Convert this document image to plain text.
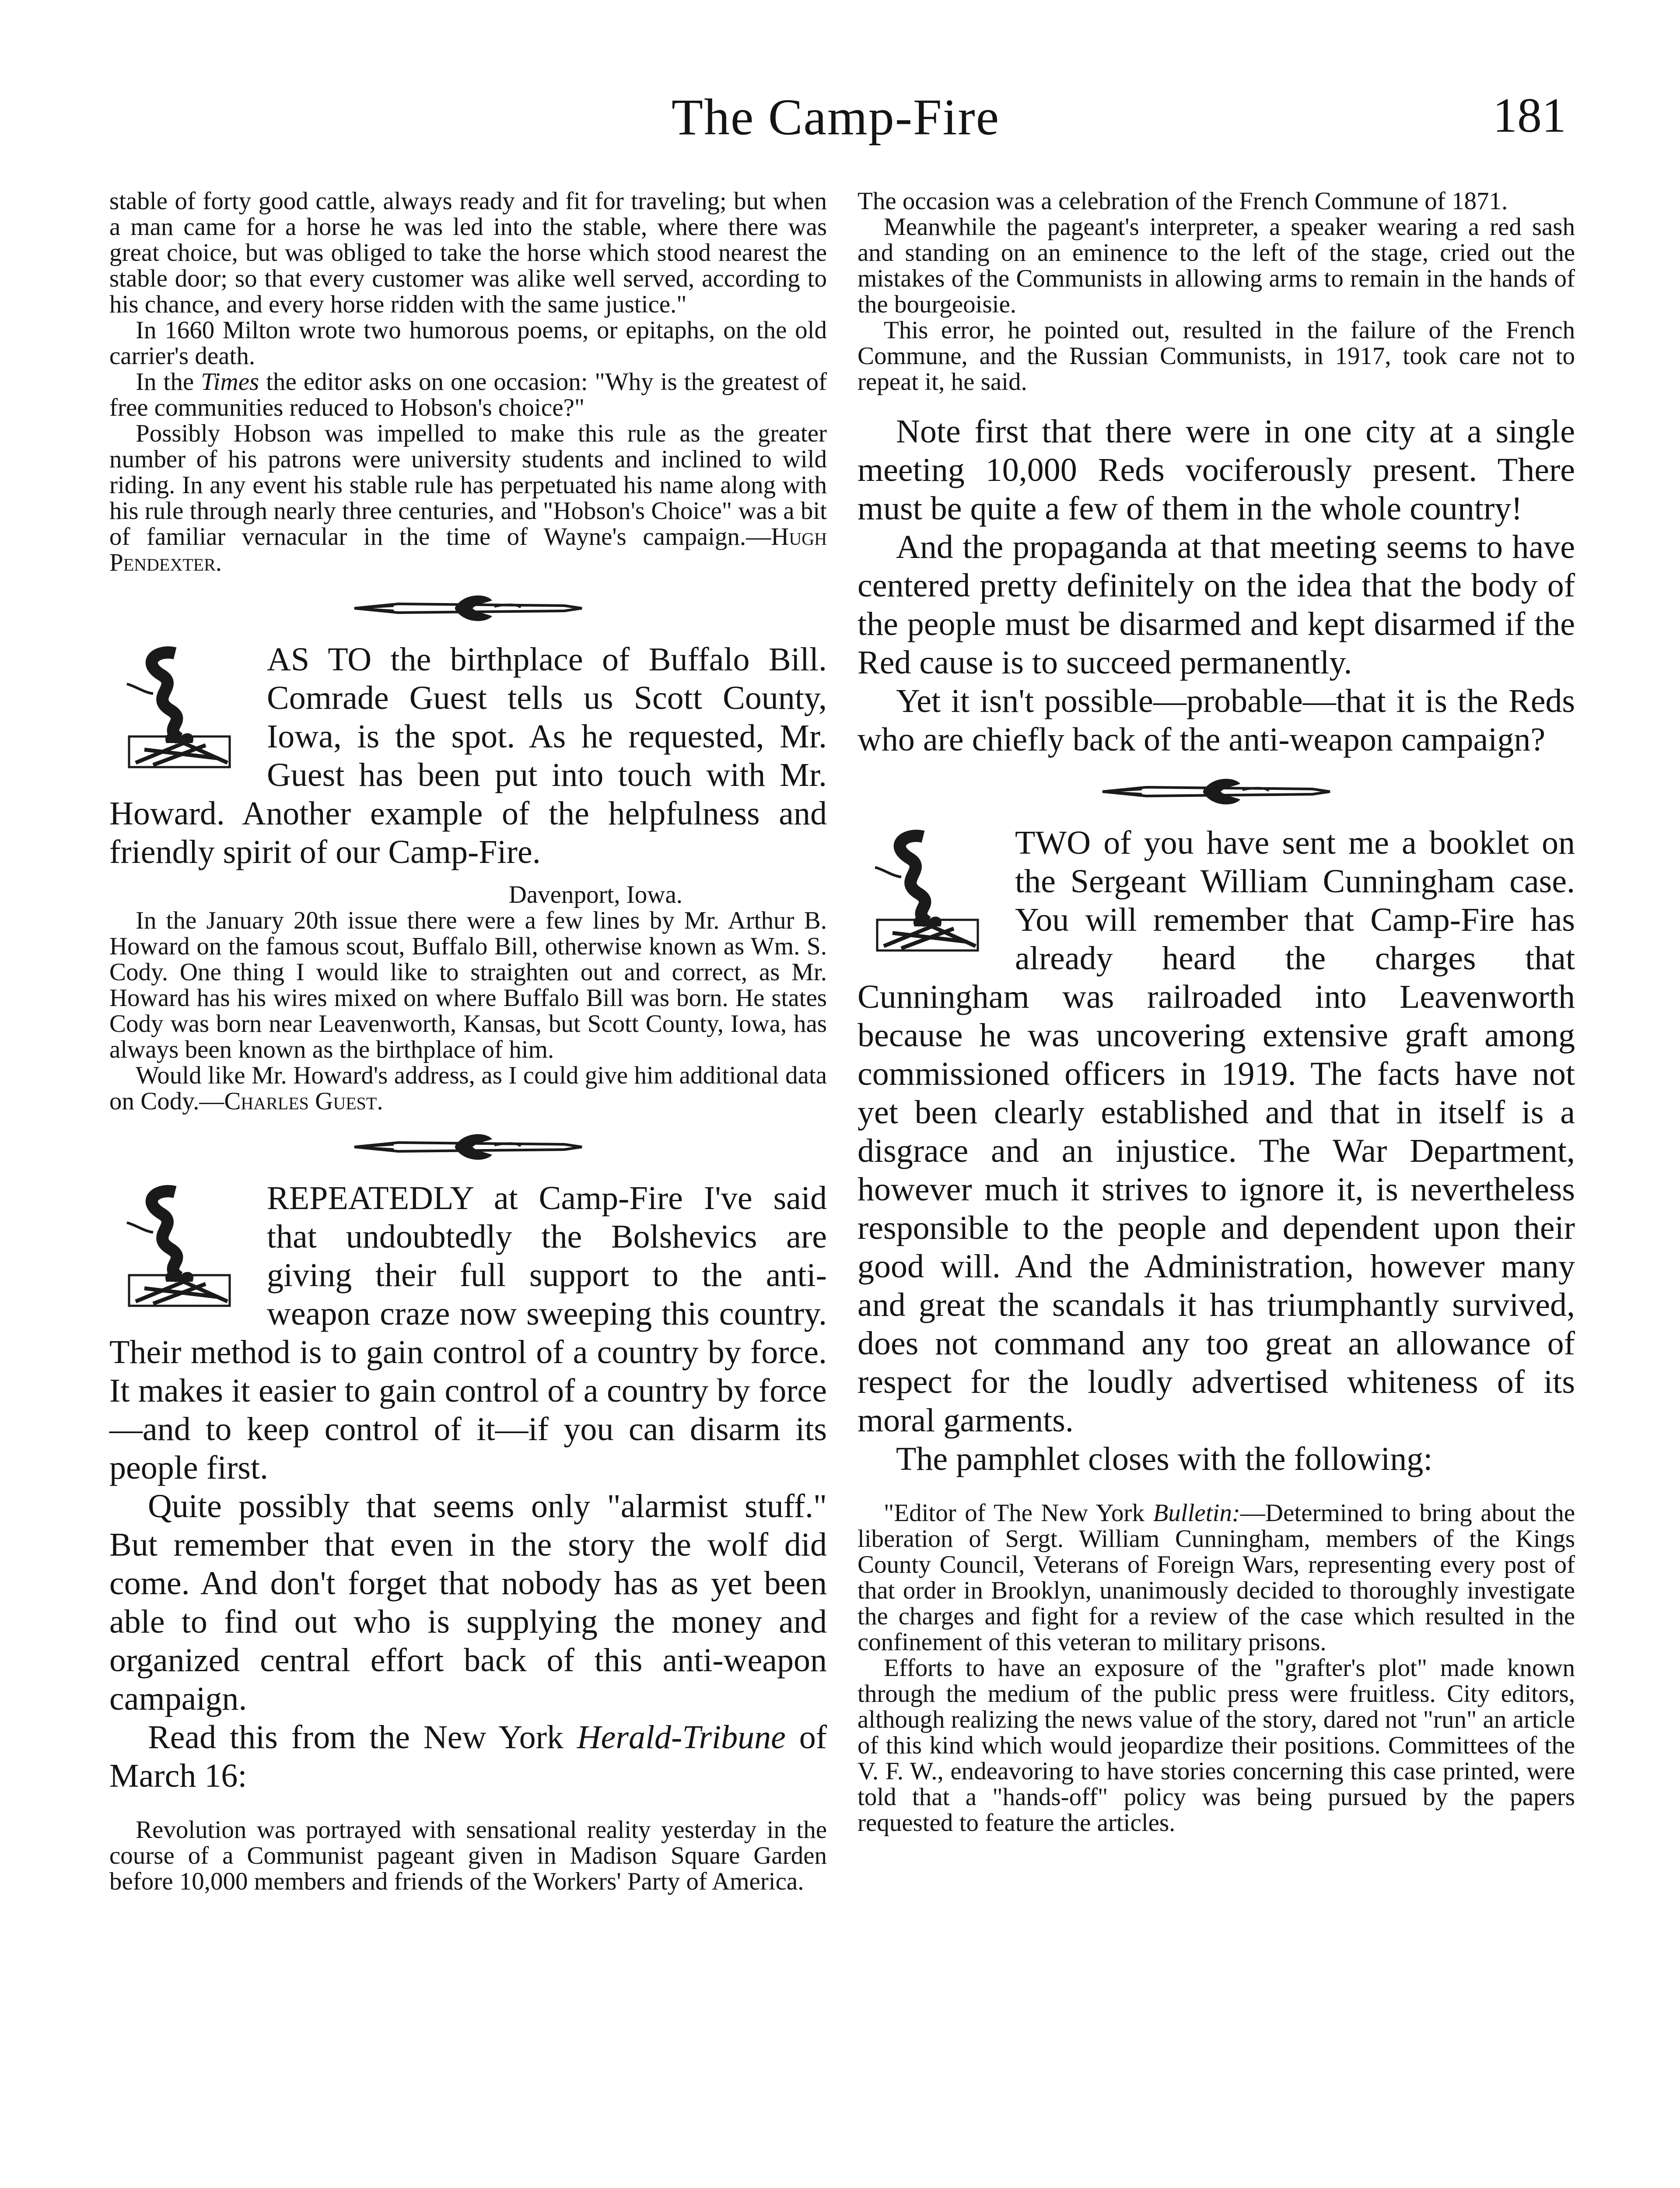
The Camp-Fire	181

stable of forty good cattle, always ready and fit for traveling; but when a man came for a horse he was led into the stable, where there was great choice, but was obliged to take the horse which stood nearest the stable door; so that every customer was alike well served, according to his chance, and every horse ridden with the same justice."

In 1660 Milton wrote two humorous poems, or epitaphs, on the old carrier's death.

In the Times the editor asks on one occasion: "Why is the greatest of free communities reduced to Hobson's choice?"

Possibly Hobson was impelled to make this rule as the greater number of his patrons were university students and inclined to wild riding. In any event his stable rule has perpetuated his name along with his rule through nearly three centuries, and "Hobson's Choice" was a bit of familiar vernacular in the time of Wayne's campaign.—Hugh Pendexter.

AS TO the birthplace of Buffalo Bill. Comrade Guest tells us Scott County, Iowa, is the spot. As he requested, Mr. Guest has been put into touch with Mr. Howard. Another example of the helpfulness and friendly spirit of our Camp-Fire.

Davenport, Iowa.

In the January 20th issue there were a few lines by Mr. Arthur B. Howard on the famous scout, Buffalo Bill, otherwise known as Wm. S. Cody. One thing I would like to straighten out and correct, as Mr. Howard has his wires mixed on where Buffalo Bill was born. He states Cody was born near Leavenworth, Kansas, but Scott County, Iowa, has always been known as the birthplace of him.

Would like Mr. Howard's address, as I could give him additional data on Cody.—Charles Guest.

REPEATEDLY at Camp-Fire I've said that undoubtedly the Bolshevics are giving their full support to the anti-weapon craze now sweeping this country. Their method is to gain control of a country by force. It makes it easier to gain control of a country by force—and to keep control of it—if you can disarm its people first.

Quite possibly that seems only "alarmist stuff." But remember that even in the story the wolf did come. And don't forget that nobody has as yet been able to find out who is supplying the money and organized central effort back of this anti-weapon campaign.

Read this from the New York Herald-Tribune of March 16:

Revolution was portrayed with sensational reality yesterday in the course of a Communist pageant given in Madison Square Garden before 10,000 members and friends of the Workers' Party of America.

The occasion was a celebration of the French Commune of 1871.

Meanwhile the pageant's interpreter, a speaker wearing a red sash and standing on an eminence to the left of the stage, cried out the mistakes of the Communists in allowing arms to remain in the hands of the bourgeoisie.

This error, he pointed out, resulted in the failure of the French Commune, and the Russian Communists, in 1917, took care not to repeat it, he said.

Note first that there were in one city at a single meeting 10,000 Reds vociferously present. There must be quite a few of them in the whole country!

And the propaganda at that meeting seems to have centered pretty definitely on the idea that the body of the people must be disarmed and kept disarmed if the Red cause is to succeed permanently.

Yet it isn't possible—probable—that it is the Reds who are chiefly back of the anti-weapon campaign?

TWO of you have sent me a booklet on the Sergeant William Cunningham case. You will remember that Camp-Fire has already heard the charges that Cunningham was railroaded into Leavenworth because he was uncovering extensive graft among commissioned officers in 1919. The facts have not yet been clearly established and that in itself is a disgrace and an injustice. The War Department, however much it strives to ignore it, is nevertheless responsible to the people and dependent upon their good will. And the Administration, however many and great the scandals it has triumphantly survived, does not command any too great an allowance of respect for the loudly advertised whiteness of its moral garments.

The pamphlet closes with the following:

"Editor of The New York Bulletin:—Determined to bring about the liberation of Sergt. William Cunningham, members of the Kings County Council, Veterans of Foreign Wars, representing every post of that order in Brooklyn, unanimously decided to thoroughly investigate the charges and fight for a review of the case which resulted in the confinement of this veteran to military prisons.

Efforts to have an exposure of the "grafter's plot" made known through the medium of the public press were fruitless. City editors, although realizing the news value of the story, dared not "run" an article of this kind which would jeopardize their positions. Committees of the V. F. W., endeavoring to have stories concerning this case printed, were told that a "hands-off" policy was being pursued by the papers requested to feature the articles.
